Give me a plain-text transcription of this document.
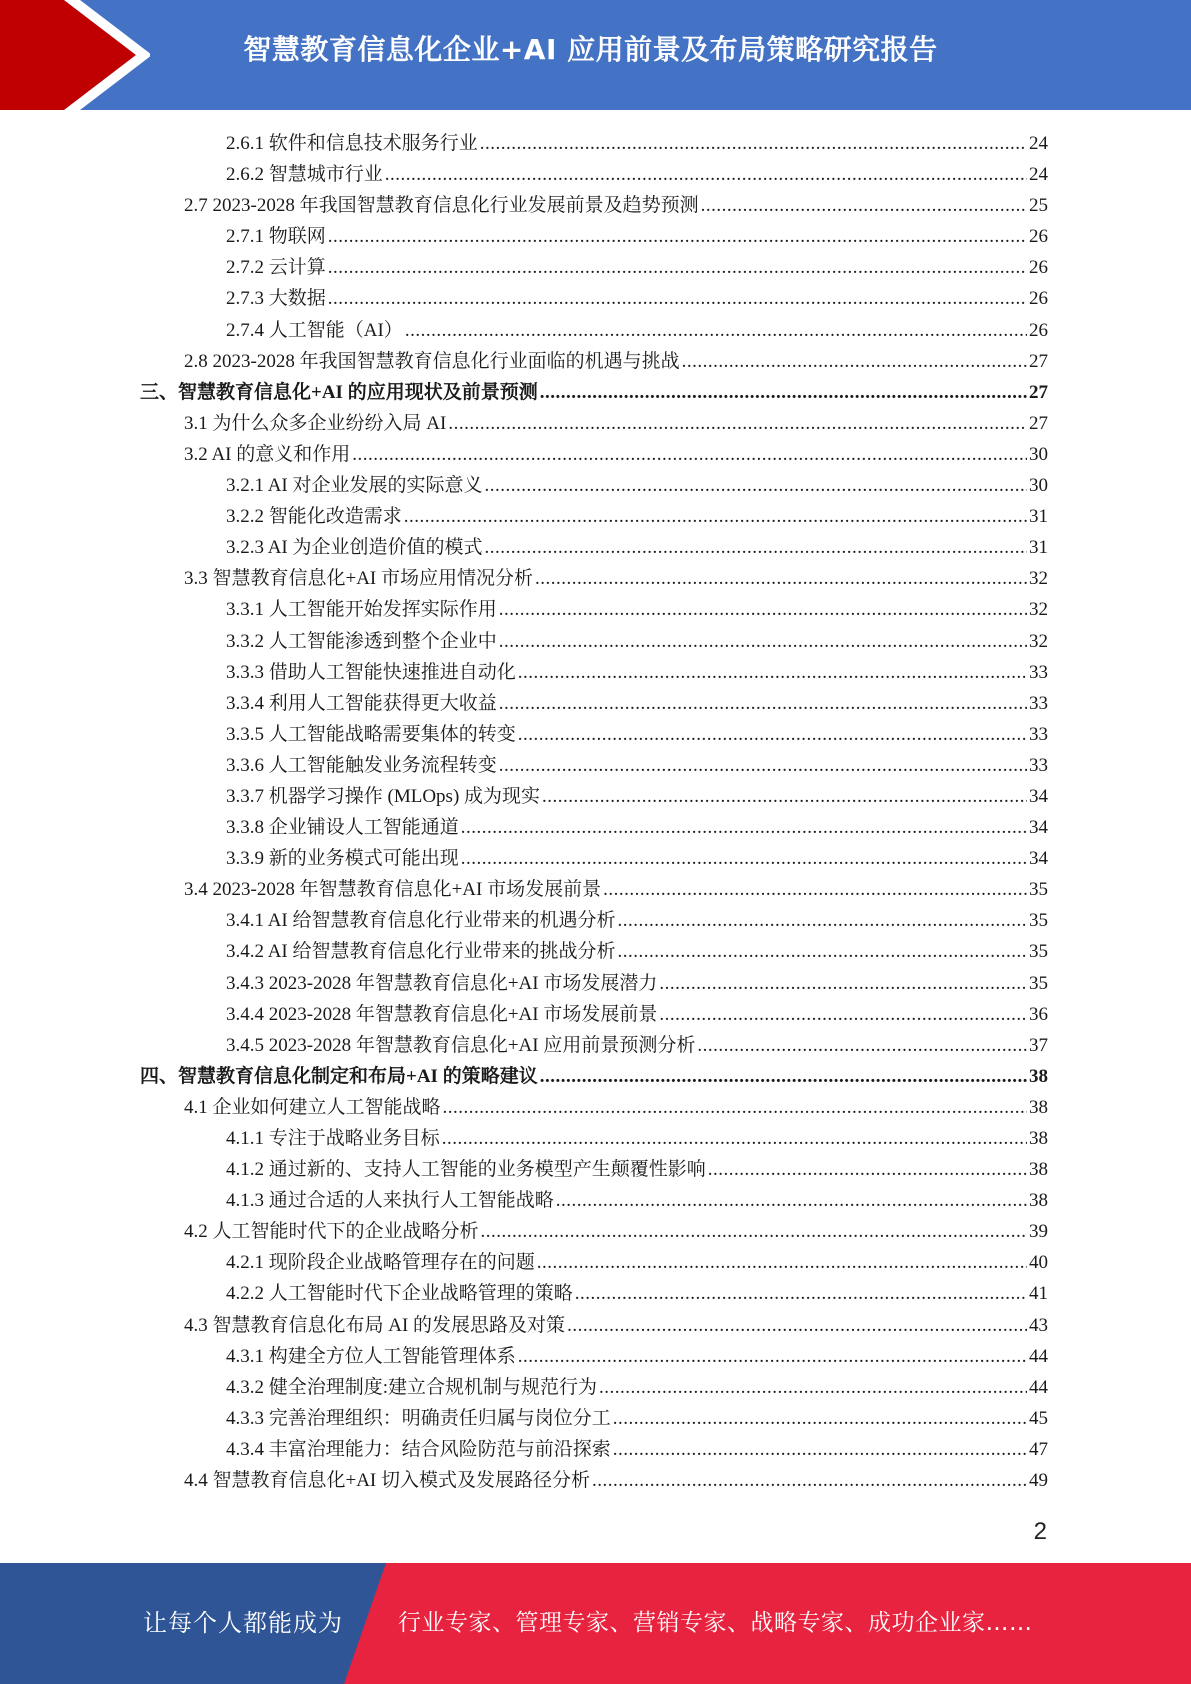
智慧教育信息化企业+AI 应用前景及布局策略研究报告
2.6.1 软件和信息技术服务行业 .....	24
2.6.2 智慧城市行业 .....	24
2.7 2023-2028 年我国智慧教育信息化行业发展前景及趋势预测 .....	25
2.7.1 物联网 .....	26
2.7.2 云计算 .....	26
2.7.3 大数据 .....	26
2.7.4 人工智能（AI） .....	26
2.8 2023-2028 年我国智慧教育信息化行业面临的机遇与挑战 .....	27
三、智慧教育信息化+AI 的应用现状及前景预测 .....	27
3.1 为什么众多企业纷纷入局 AI .....	27
3.2 AI 的意义和作用 .....	30
3.2.1 AI 对企业发展的实际意义 .....	30
3.2.2 智能化改造需求 .....	31
3.2.3 AI 为企业创造价值的模式 .....	31
3.3 智慧教育信息化+AI 市场应用情况分析 .....	32
3.3.1 人工智能开始发挥实际作用 .....	32
3.3.2 人工智能渗透到整个企业中 .....	32
3.3.3 借助人工智能快速推进自动化 .....	33
3.3.4 利用人工智能获得更大收益 .....	33
3.3.5 人工智能战略需要集体的转变 .....	33
3.3.6 人工智能触发业务流程转变 .....	33
3.3.7 机器学习操作 (MLOps) 成为现实 .....	34
3.3.8 企业铺设人工智能通道 .....	34
3.3.9 新的业务模式可能出现 .....	34
3.4 2023-2028 年智慧教育信息化+AI 市场发展前景 .....	35
3.4.1 AI 给智慧教育信息化行业带来的机遇分析 .....	35
3.4.2 AI 给智慧教育信息化行业带来的挑战分析 .....	35
3.4.3 2023-2028 年智慧教育信息化+AI 市场发展潜力 .....	35
3.4.4 2023-2028 年智慧教育信息化+AI 市场发展前景 .....	36
3.4.5 2023-2028 年智慧教育信息化+AI 应用前景预测分析 .....	37
四、智慧教育信息化制定和布局+AI 的策略建议 .....	38
4.1 企业如何建立人工智能战略 .....	38
4.1.1 专注于战略业务目标 .....	38
4.1.2 通过新的、支持人工智能的业务模型产生颠覆性影响 .....	38
4.1.3 通过合适的人来执行人工智能战略 .....	38
4.2 人工智能时代下的企业战略分析 .....	39
4.2.1 现阶段企业战略管理存在的问题 .....	40
4.2.2 人工智能时代下企业战略管理的策略 .....	41
4.3 智慧教育信息化布局 AI 的发展思路及对策 .....	43
4.3.1 构建全方位人工智能管理体系 .....	44
4.3.2 健全治理制度:建立合规机制与规范行为 .....	44
4.3.3 完善治理组织：明确责任归属与岗位分工 .....	45
4.3.4 丰富治理能力：结合风险防范与前沿探索 .....	47
4.4 智慧教育信息化+AI 切入模式及发展路径分析 .....	49
2
让每个人都能成为 行业专家、管理专家、营销专家、战略专家、成功企业家……
